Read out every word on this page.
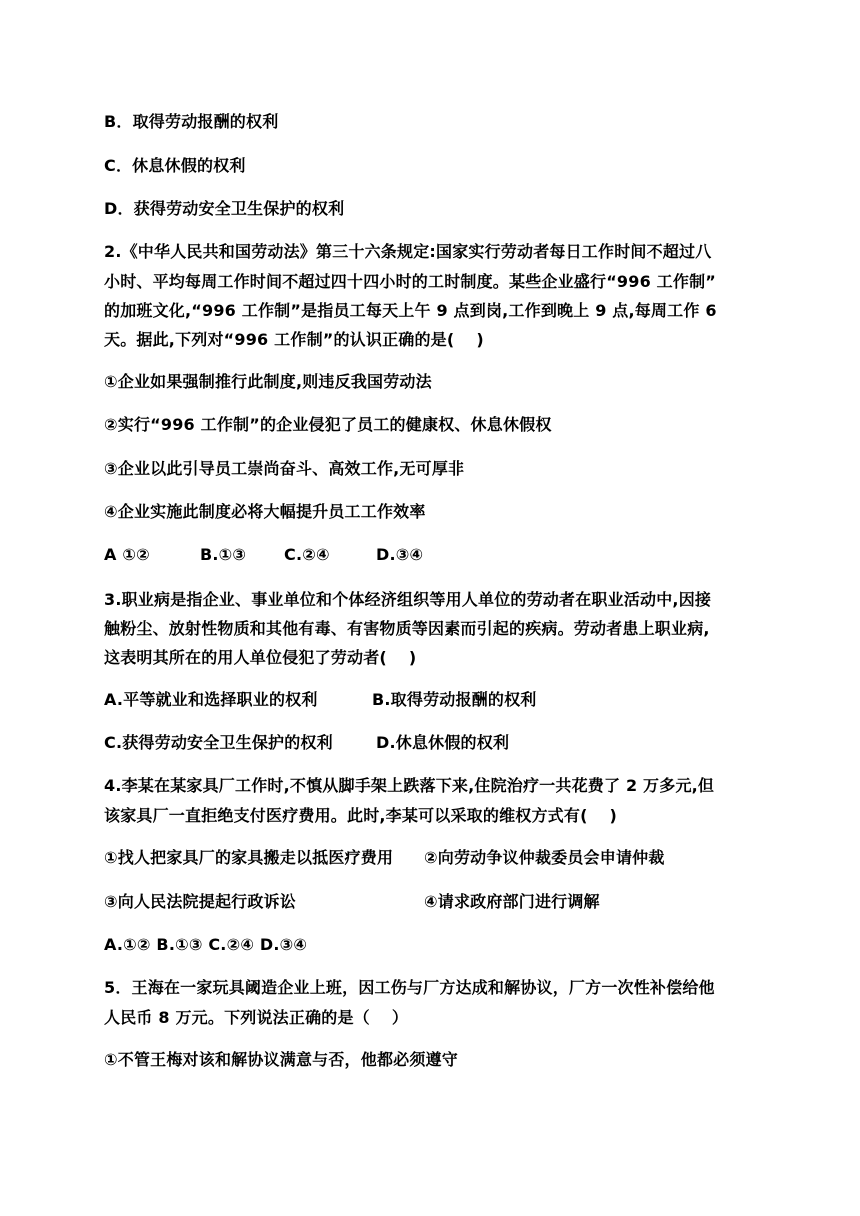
B．取得劳动报酬的权利
C．休息休假的权利
D．获得劳动安全卫生保护的权利
2.《中华人民共和国劳动法》第三十六条规定:国家实行劳动者每日工作时间不超过八
小时、平均每周工作时间不超过四十四小时的工时制度。某些企业盛行“996 工作制”
的加班文化,“996 工作制”是指员工每天上午 9 点到岗,工作到晚上 9 点,每周工作 6
天。据此,下列对“996 工作制”的认识正确的是(　 )
①企业如果强制推行此制度,则违反我国劳动法
②实行“996 工作制”的企业侵犯了员工的健康权、休息休假权
③企业以此引导员工崇尚奋斗、高效工作,无可厚非
④企业实施此制度必将大幅提升员工工作效率
A ①②	B.①③ C.②④	D.③④
3.职业病是指企业、事业单位和个体经济组织等用人单位的劳动者在职业活动中,因接
触粉尘、放射性物质和其他有毒、有害物质等因素而引起的疾病。劳动者患上职业病,
这表明其所在的用人单位侵犯了劳动者(　 )
A.平等就业和选择职业的权利	B.取得劳动报酬的权利
C.获得劳动安全卫生保护的权利	D.休息休假的权利
4.李某在某家具厂工作时,不慎从脚手架上跌落下来,住院治疗一共花费了 2 万多元,但
该家具厂一直拒绝支付医疗费用。此时,李某可以采取的维权方式有(　 )
①找人把家具厂的家具搬走以抵医疗费用 ②向劳动争议仲裁委员会申请仲裁
③向人民法院提起行政诉讼	④请求政府部门进行调解
A.①② B.①③ C.②④ D.③④
5．王海在一家玩具阈造企业上班，因工伤与厂方达成和解协议，厂方一次性补偿给他
人民币 8 万元。下列说法正确的是（　 ）
①不管王梅对该和解协议满意与否，他都必须遵守
